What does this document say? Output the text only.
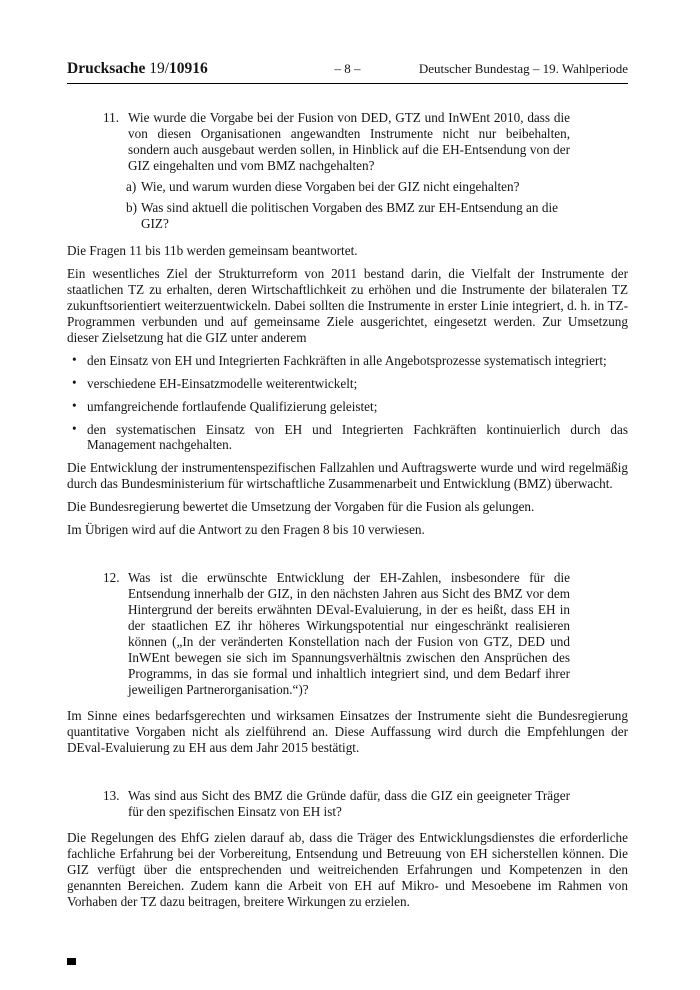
Drucksache 19/10916	– 8 –	Deutscher Bundestag – 19. Wahlperiode
11. Wie wurde die Vorgabe bei der Fusion von DED, GTZ und InWEnt 2010, dass die von diesen Organisationen angewandten Instrumente nicht nur beibehalten, sondern auch ausgebaut werden sollen, in Hinblick auf die EH-Entsendung von der GIZ eingehalten und vom BMZ nachgehalten?
a) Wie, und warum wurden diese Vorgaben bei der GIZ nicht eingehalten?
b) Was sind aktuell die politischen Vorgaben des BMZ zur EH-Entsendung an die GIZ?

Die Fragen 11 bis 11b werden gemeinsam beantwortet.

Ein wesentliches Ziel der Strukturreform von 2011 bestand darin, die Vielfalt der Instrumente der staatlichen TZ zu erhalten, deren Wirtschaftlichkeit zu erhöhen und die Instrumente der bilateralen TZ zukunftsorientiert weiterzuentwickeln. Dabei sollten die Instrumente in erster Linie integriert, d. h. in TZ-Programmen verbunden und auf gemeinsame Ziele ausgerichtet, eingesetzt werden. Zur Umsetzung dieser Zielsetzung hat die GIZ unter anderem

• den Einsatz von EH und Integrierten Fachkräften in alle Angebotsprozesse systematisch integriert;
• verschiedene EH-Einsatzmodelle weiterentwickelt;
• umfangreichende fortlaufende Qualifizierung geleistet;
• den systematischen Einsatz von EH und Integrierten Fachkräften kontinuierlich durch das Management nachgehalten.

Die Entwicklung der instrumentenspezifischen Fallzahlen und Auftragswerte wurde und wird regelmäßig durch das Bundesministerium für wirtschaftliche Zusammenarbeit und Entwicklung (BMZ) überwacht.

Die Bundesregierung bewertet die Umsetzung der Vorgaben für die Fusion als gelungen.

Im Übrigen wird auf die Antwort zu den Fragen 8 bis 10 verwiesen.

12. Was ist die erwünschte Entwicklung der EH-Zahlen, insbesondere für die Entsendung innerhalb der GIZ, in den nächsten Jahren aus Sicht des BMZ vor dem Hintergrund der bereits erwähnten DEval-Evaluierung, in der es heißt, dass EH in der staatlichen EZ ihr höheres Wirkungspotential nur eingeschränkt realisieren können („In der veränderten Konstellation nach der Fusion von GTZ, DED und InWEnt bewegen sie sich im Spannungsverhältnis zwischen den Ansprüchen des Programms, in das sie formal und inhaltlich integriert sind, und dem Bedarf ihrer jeweiligen Partnerorganisation.“)?

Im Sinne eines bedarfsgerechten und wirksamen Einsatzes der Instrumente sieht die Bundesregierung quantitative Vorgaben nicht als zielführend an. Diese Auffassung wird durch die Empfehlungen der DEval-Evaluierung zu EH aus dem Jahr 2015 bestätigt.

13. Was sind aus Sicht des BMZ die Gründe dafür, dass die GIZ ein geeigneter Träger für den spezifischen Einsatz von EH ist?

Die Regelungen des EhfG zielen darauf ab, dass die Träger des Entwicklungsdienstes die erforderliche fachliche Erfahrung bei der Vorbereitung, Entsendung und Betreuung von EH sicherstellen können. Die GIZ verfügt über die entsprechenden und weitreichenden Erfahrungen und Kompetenzen in den genannten Bereichen. Zudem kann die Arbeit von EH auf Mikro- und Mesoebene im Rahmen von Vorhaben der TZ dazu beitragen, breitere Wirkungen zu erzielen.
